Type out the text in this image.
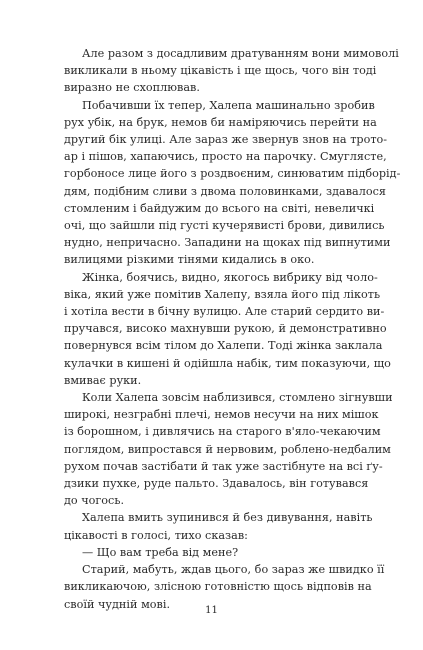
Але разом з досадливим дратуванням вони мимоволі
викликали в ньому цікавість і ще щось, чого він тоді
виразно не схоплював.
Побачивши їх тепер, Халепа машинально зробив
рух убік, на брук, немов би наміряючись перейти на
другий бік улиці. Але зараз же звернув знов на трото-
ар і пішов, хапаючись, просто на парочку. Смуглясте,
горбоносе лице його з роздвоєним, синюватим підборід-
дям, подібним сливи з двома половинками, здавалося
стомленим і байдужим до всього на світі, невеличкі
очі, що зайшли під густі кучерявисті брови, дивились
нудно, непричасно. Западини на щоках під випнутими
вилицями різкими тінями кидались в око.
Жінка, боячись, видно, якогось вибрику від чоло-
віка, який уже помітив Халепу, взяла його під лікоть
і хотіла вести в бічну вулицю. Але старий сердито ви-
пручався, високо махнувши рукою, й демонстративно
повернувся всім тілом до Халепи. Тоді жінка заклала
кулачки в кишені й одійшла набік, тим показуючи, що
вмиває руки.
Коли Халепа зовсім наблизився, стомлено зігнувши
широкі, незграбні плечі, немов несучи на них мішок
із борошном, і дивлячись на старого в'яло-чекаючим
поглядом, випростався й нервовим, роблено-недбалим
рухом почав застібати й так уже застібнуте на всі ґу-
дзики пухке, руде пальто. Здавалось, він готувався
до чогось.
Халепа вмить зупинився й без дивування, навіть
цікавості в голосі, тихо сказав:
— Що вам треба від мене?
Старий, мабуть, ждав цього, бо зараз же швидко її
викликаючою, злісною готовністю щось відповів на
своїй чудній мові.	11
